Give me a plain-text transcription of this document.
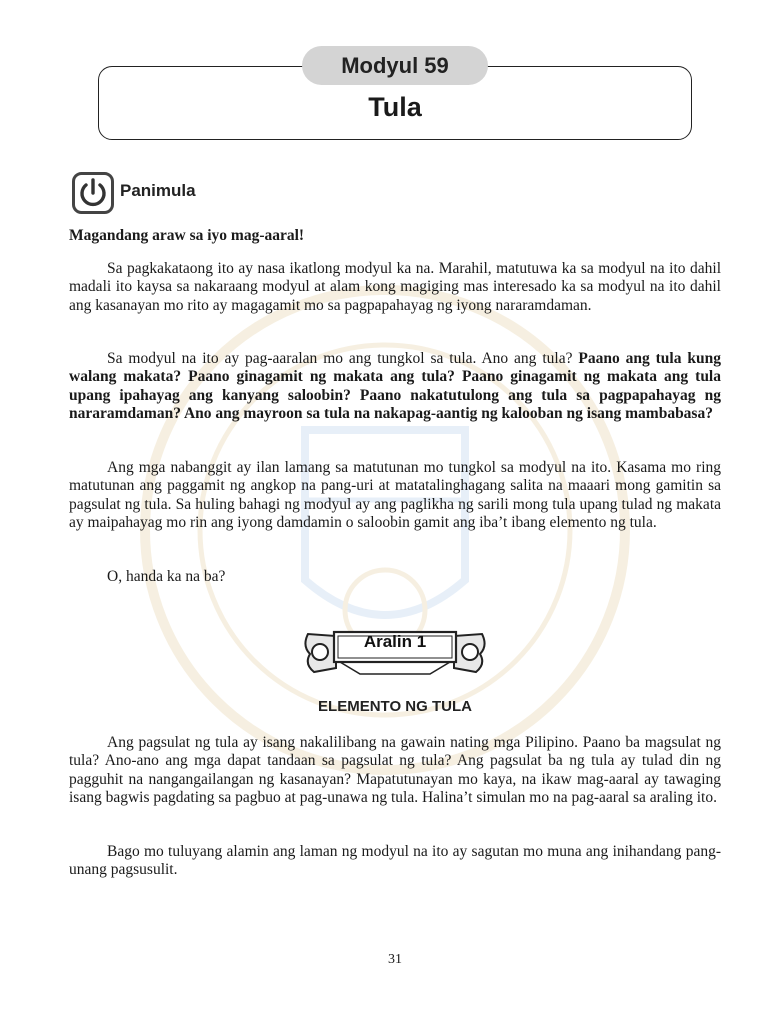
Modyul 59
Tula
Panimula
Magandang araw sa iyo mag-aaral!
Sa pagkakataong ito ay nasa ikatlong modyul ka na. Marahil, matutuwa ka sa modyul na ito dahil madali ito kaysa sa nakaraang modyul at alam kong magiging mas interesado ka sa modyul na ito dahil ang kasanayan mo rito ay magagamit mo sa pagpapahayag ng iyong nararamdaman.
Sa modyul na ito ay pag-aaralan mo ang tungkol sa tula. Ano ang tula? Paano ang tula kung walang makata? Paano ginagamit ng makata ang tula? Paano ginagamit ng makata ang tula upang ipahayag ang kanyang saloobin? Paano nakatutulong ang tula sa pagpapahayag ng nararamdaman? Ano ang mayroon sa tula na nakapag-aantig ng kalooban ng isang mambabasa?
Ang mga nabanggit ay ilan lamang sa matutunan mo tungkol sa modyul na ito. Kasama mo ring matutunan ang paggamit ng angkop na pang-uri at matatalinghagang salita na maaari mong gamitin sa pagsulat ng tula. Sa huling bahagi ng modyul ay ang paglikha ng sarili mong tula upang tulad ng makata ay maipahayag mo rin ang iyong damdamin o saloobin gamit ang iba’t ibang elemento ng tula.
O, handa ka na ba?
Aralin 1
ELEMENTO NG TULA
Ang pagsulat ng tula ay isang nakalilibang na gawain nating mga Pilipino. Paano ba magsulat ng tula? Ano-ano ang mga dapat tandaan sa pagsulat ng tula? Ang pagsulat ba ng tula ay tulad din ng pagguhit na nangangailangan ng kasanayan? Mapatutunayan mo kaya, na ikaw mag-aaral ay tawaging isang bagwis pagdating sa pagbuo at pag-unawa ng tula. Halina’t simulan mo na pag-aaral sa araling ito.
Bago mo tuluyang alamin ang laman ng modyul na ito ay sagutan mo muna ang inihandang pang-unang pagsusulit.
31
